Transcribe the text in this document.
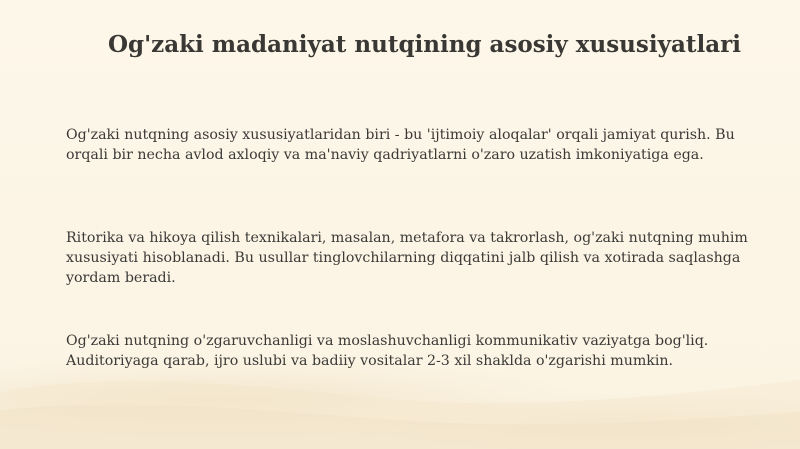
Og'zaki madaniyat nutqining asosiy xususiyatlari

Og'zaki nutqning asosiy xususiyatlaridan biri - bu 'ijtimoiy aloqalar' orqali jamiyat qurish. Bu orqali bir necha avlod axloqiy va ma'naviy qadriyatlarni o'zaro uzatish imkoniyatiga ega.

Ritorika va hikoya qilish texnikalari, masalan, metafora va takrorlash, og'zaki nutqning muhim xususiyati hisoblanadi. Bu usullar tinglovchilarning diqqatini jalb qilish va xotirada saqlashga yordam beradi.

Og'zaki nutqning o'zgaruvchanligi va moslashuvchanligi kommunikativ vaziyatga bog'liq. Auditoriyaga qarab, ijro uslubi va badiiy vositalar 2-3 xil shaklda o'zgarishi mumkin.
